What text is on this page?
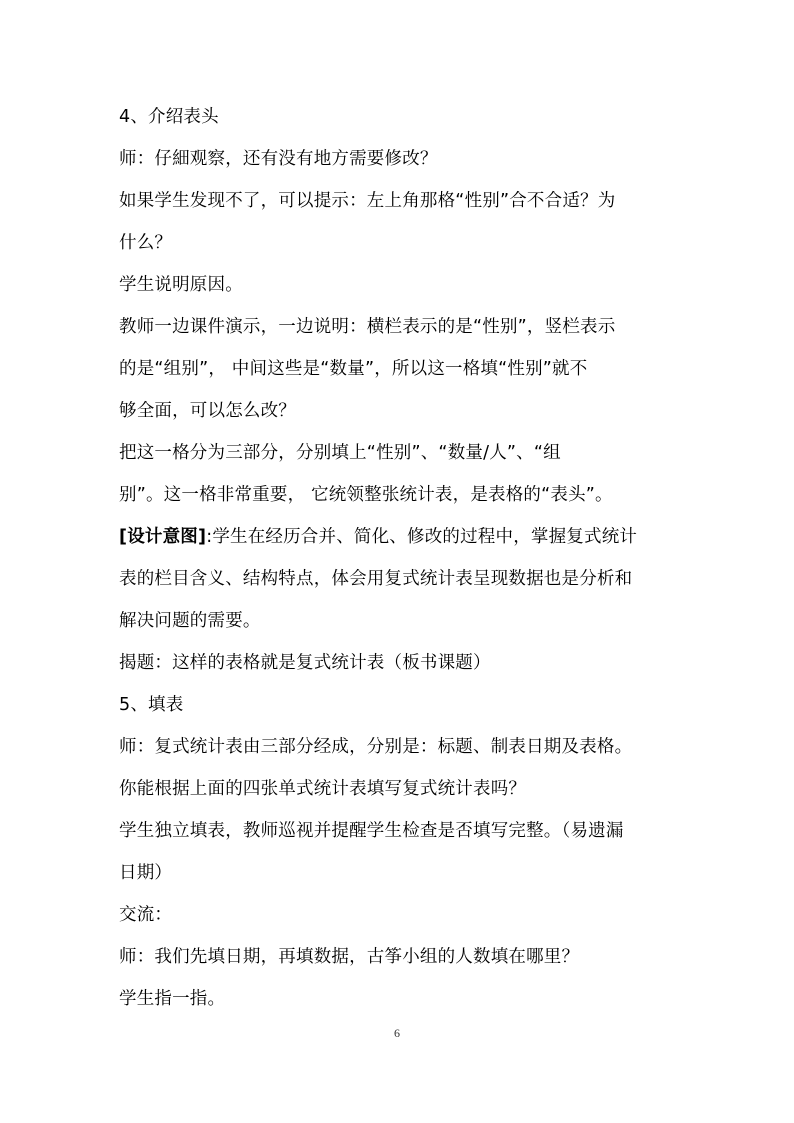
4、介绍表头
师：仔細观察，还有没有地方需要修改？
如果学生发现不了，可以提示：左上角那格“性别”合不合适？为
什么？
学生说明原因。
教师一边课件演示，一边说明：横栏表示的是“性别”，竖栏表示
的是“组别”， 中间这些是“数量”，所以这一格填“性别”就不
够全面，可以怎么改？
把这一格分为三部分，分别填上“性别”、“数量/人”、“组
别”。这一格非常重要， 它统领整张统计表，是表格的“表头”。
[设计意图]:学生在经历合并、简化、修改的过程中，掌握复式统计
表的栏目含义、结构特点，体会用复式统计表呈现数据也是分析和
解决问题的需要。
揭题：这样的表格就是复式统计表（板书课题）
5、填表
师：复式统计表由三部分经成，分别是：标题、制表日期及表格。
你能根据上面的四张单式统计表填写复式统计表吗？
学生独立填表，教师巡视并提醒学生检查是否填写完整。（易遗漏
日期）
交流：
师：我们先填日期，再填数据，古筝小组的人数填在哪里？
学生指一指。
6
